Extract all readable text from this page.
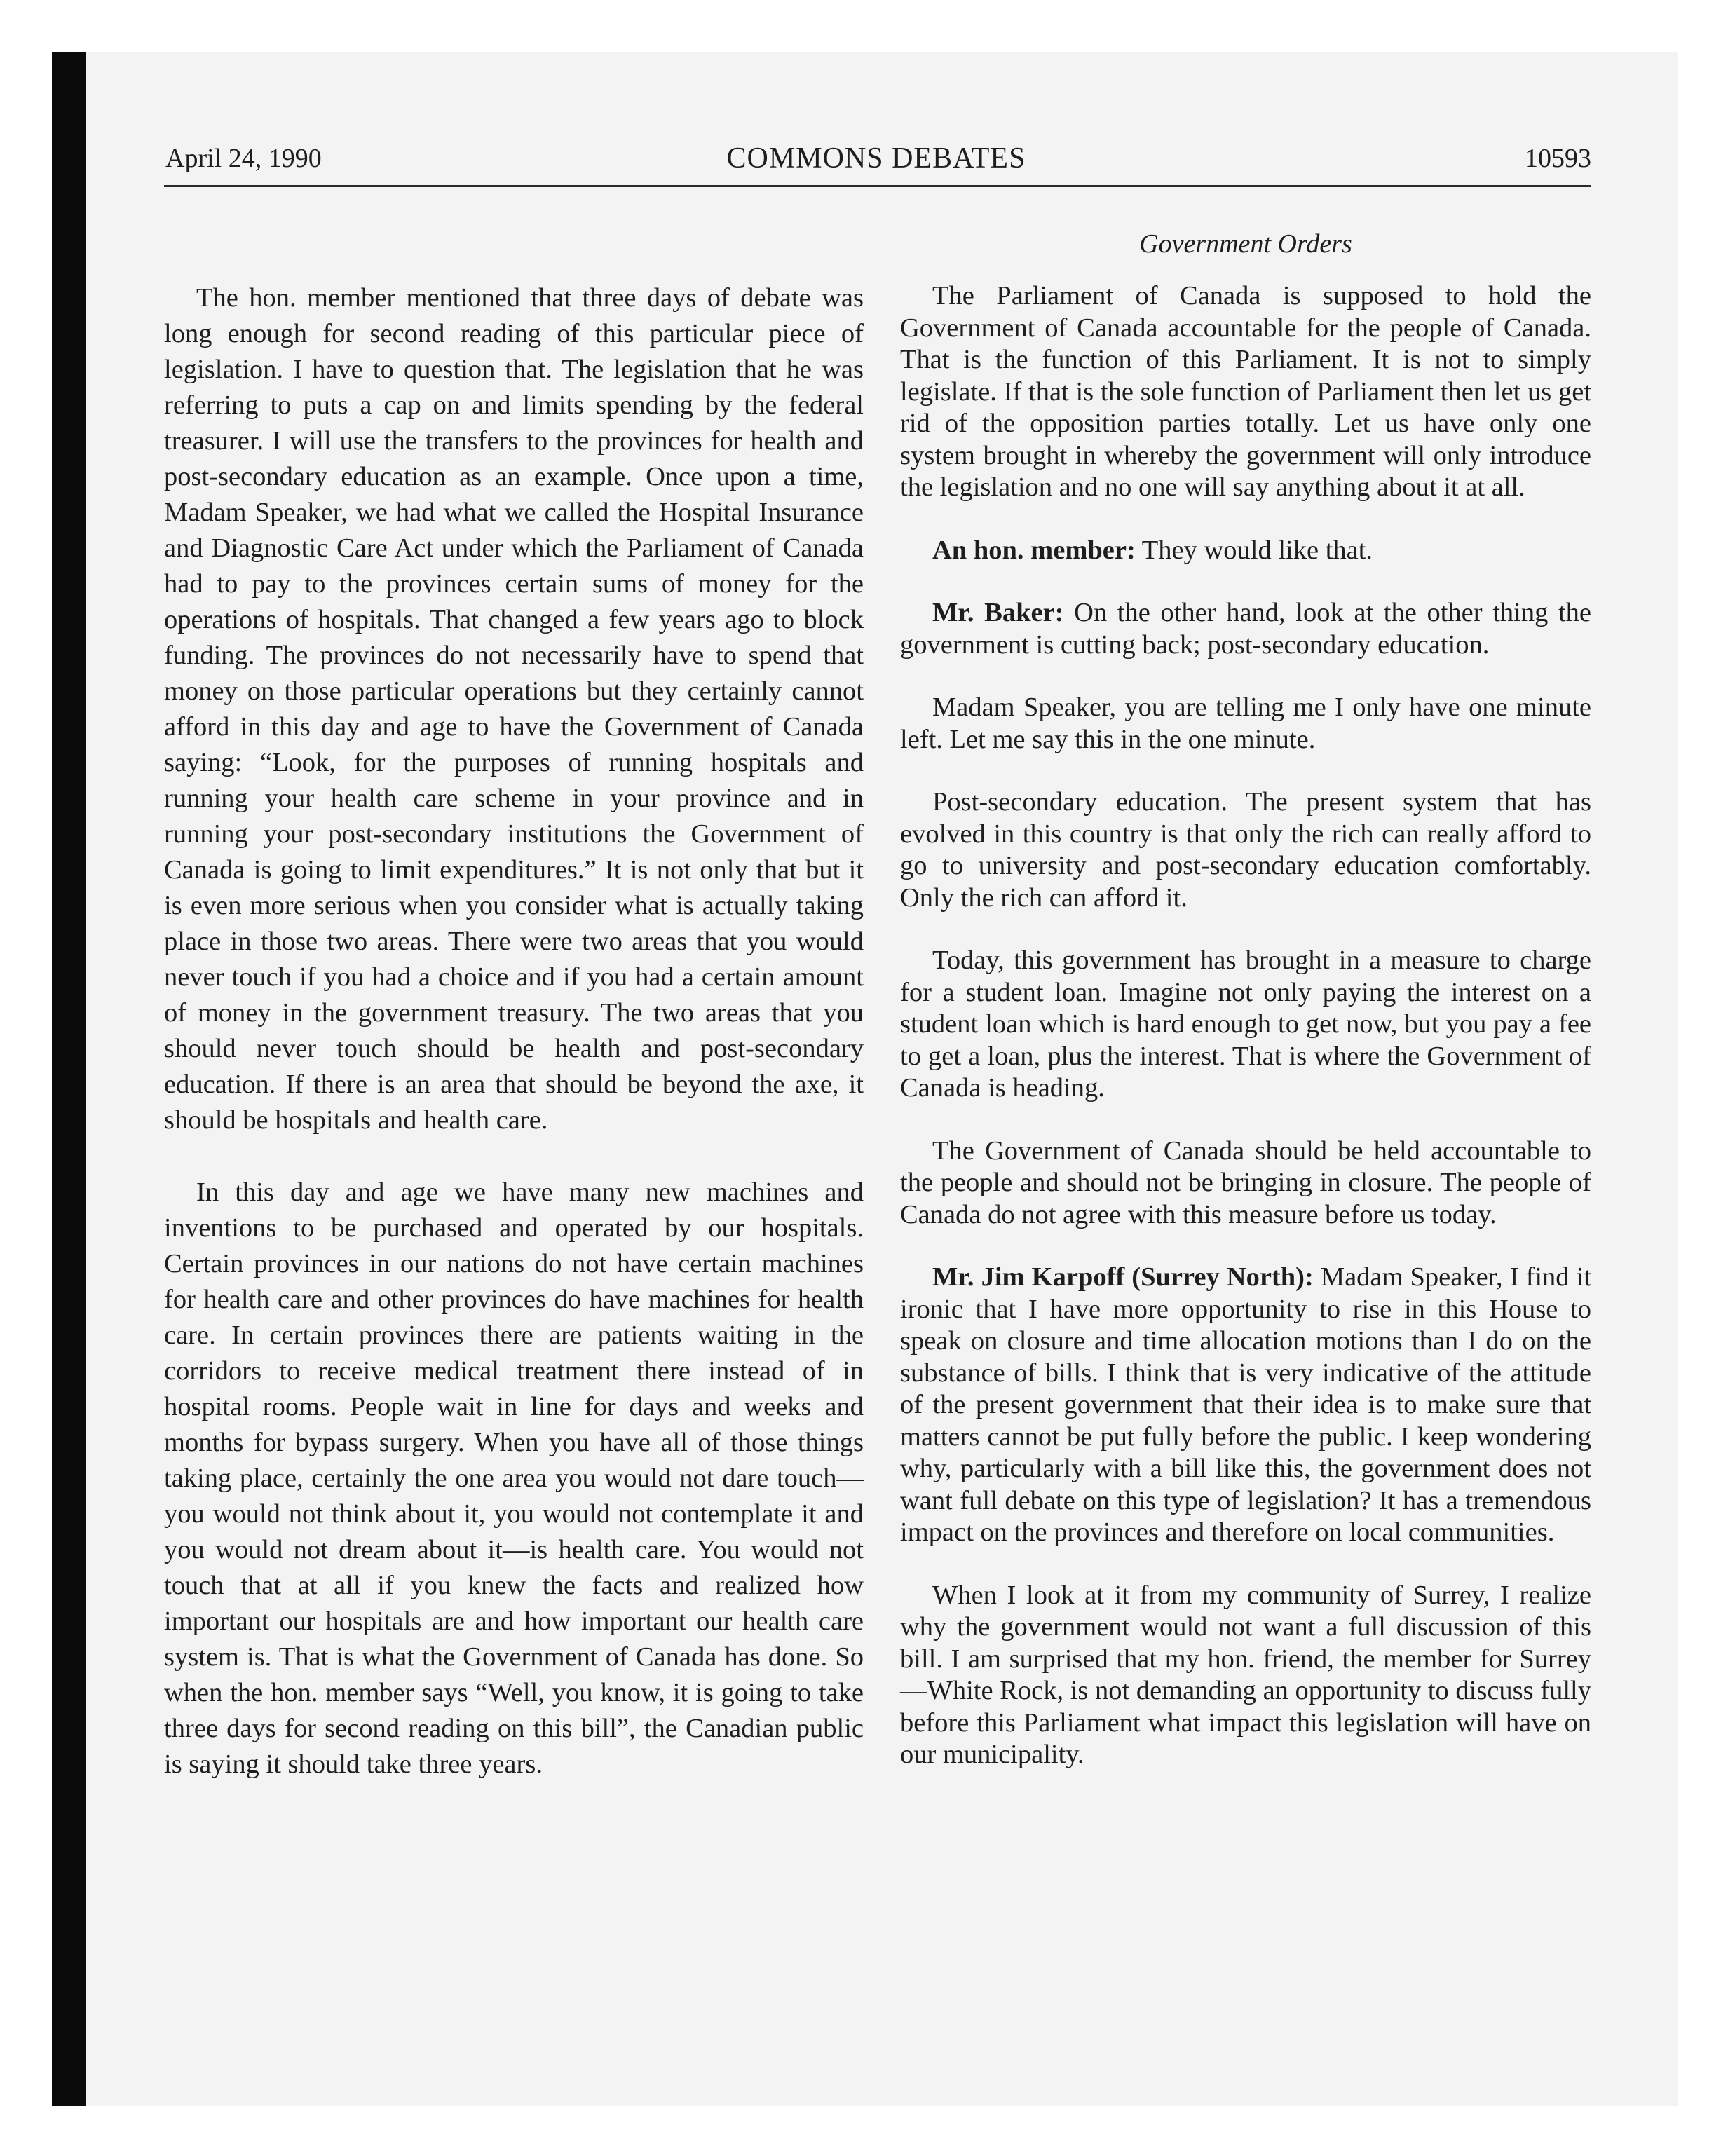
April 24, 1990	COMMONS DEBATES	10593
Government Orders

The hon. member mentioned that three days of debate was long enough for second reading of this particular piece of legislation. I have to question that. The legislation that he was referring to puts a cap on and limits spending by the federal treasurer. I will use the transfers to the provinces for health and post-secondary education as an example. Once upon a time, Madam Speaker, we had what we called the Hospital Insurance and Diagnostic Care Act under which the Parliament of Canada had to pay to the provinces certain sums of money for the operations of hospitals. That changed a few years ago to block funding. The provinces do not necessarily have to spend that money on those particular operations but they certainly cannot afford in this day and age to have the Government of Canada saying: “Look, for the purposes of running hospitals and running your health care scheme in your province and in running your post-secondary institutions the Government of Canada is going to limit expenditures.” It is not only that but it is even more serious when you consider what is actually taking place in those two areas. There were two areas that you would never touch if you had a choice and if you had a certain amount of money in the government treasury. The two areas that you should never touch should be health and post-secondary education. If there is an area that should be beyond the axe, it should be hospitals and health care.

In this day and age we have many new machines and inventions to be purchased and operated by our hospitals. Certain provinces in our nations do not have certain machines for health care and other provinces do have machines for health care. In certain provinces there are patients waiting in the corridors to receive medical treatment there instead of in hospital rooms. People wait in line for days and weeks and months for bypass surgery. When you have all of those things taking place, certainly the one area you would not dare touch—you would not think about it, you would not contemplate it and you would not dream about it—is health care. You would not touch that at all if you knew the facts and realized how important our hospitals are and how important our health care system is. That is what the Government of Canada has done. So when the hon. member says “Well, you know, it is going to take three days for second reading on this bill”, the Canadian public is saying it should take three years.

The Parliament of Canada is supposed to hold the Government of Canada accountable for the people of Canada. That is the function of this Parliament. It is not to simply legislate. If that is the sole function of Parliament then let us get rid of the opposition parties totally. Let us have only one system brought in whereby the government will only introduce the legislation and no one will say anything about it at all.

An hon. member: They would like that.

Mr. Baker: On the other hand, look at the other thing the government is cutting back; post-secondary education.

Madam Speaker, you are telling me I only have one minute left. Let me say this in the one minute.

Post-secondary education. The present system that has evolved in this country is that only the rich can really afford to go to university and post-secondary education comfortably. Only the rich can afford it.

Today, this government has brought in a measure to charge for a student loan. Imagine not only paying the interest on a student loan which is hard enough to get now, but you pay a fee to get a loan, plus the interest. That is where the Government of Canada is heading.

The Government of Canada should be held accountable to the people and should not be bringing in closure. The people of Canada do not agree with this measure before us today.

Mr. Jim Karpoff (Surrey North): Madam Speaker, I find it ironic that I have more opportunity to rise in this House to speak on closure and time allocation motions than I do on the substance of bills. I think that is very indicative of the attitude of the present government that their idea is to make sure that matters cannot be put fully before the public. I keep wondering why, particularly with a bill like this, the government does not want full debate on this type of legislation? It has a tremendous impact on the provinces and therefore on local communities.

When I look at it from my community of Surrey, I realize why the government would not want a full discussion of this bill. I am surprised that my hon. friend, the member for Surrey—White Rock, is not demanding an opportunity to discuss fully before this Parliament what impact this legislation will have on our municipality.
